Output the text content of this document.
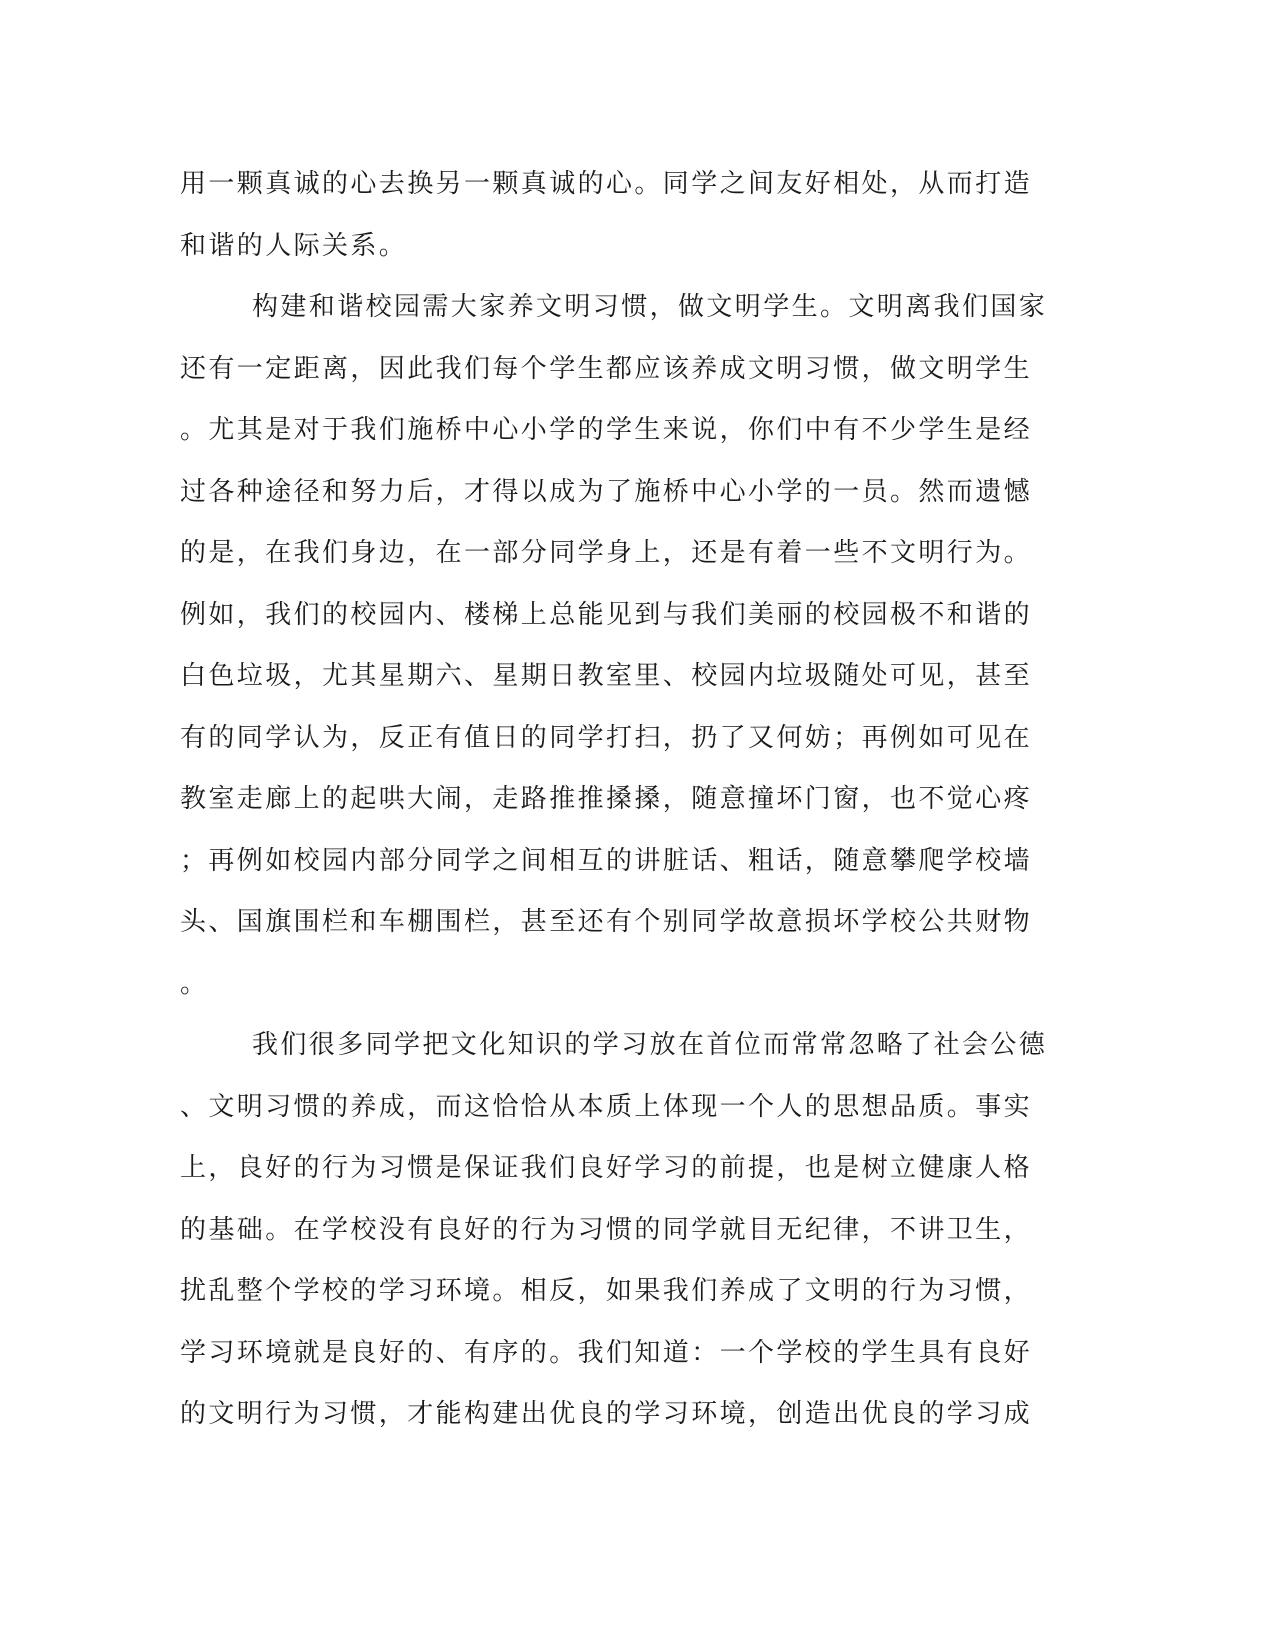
用一颗真诚的心去换另一颗真诚的心。同学之间友好相处，从而打造
和谐的人际关系。
构建和谐校园需大家养文明习惯，做文明学生。文明离我们国家
还有一定距离，因此我们每个学生都应该养成文明习惯，做文明学生
。尤其是对于我们施桥中心小学的学生来说，你们中有不少学生是经
过各种途径和努力后，才得以成为了施桥中心小学的一员。然而遗憾
的是，在我们身边，在一部分同学身上，还是有着一些不文明行为。
例如，我们的校园内、楼梯上总能见到与我们美丽的校园极不和谐的
白色垃圾，尤其星期六、星期日教室里、校园内垃圾随处可见，甚至
有的同学认为，反正有值日的同学打扫，扔了又何妨；再例如可见在
教室走廊上的起哄大闹，走路推推搡搡，随意撞坏门窗，也不觉心疼
；再例如校园内部分同学之间相互的讲脏话、粗话，随意攀爬学校墙
头、国旗围栏和车棚围栏，甚至还有个别同学故意损坏学校公共财物
。
我们很多同学把文化知识的学习放在首位而常常忽略了社会公德
、文明习惯的养成，而这恰恰从本质上体现一个人的思想品质。事实
上，良好的行为习惯是保证我们良好学习的前提，也是树立健康人格
的基础。在学校没有良好的行为习惯的同学就目无纪律，不讲卫生，
扰乱整个学校的学习环境。相反，如果我们养成了文明的行为习惯，
学习环境就是良好的、有序的。我们知道：一个学校的学生具有良好
的文明行为习惯，才能构建出优良的学习环境，创造出优良的学习成
